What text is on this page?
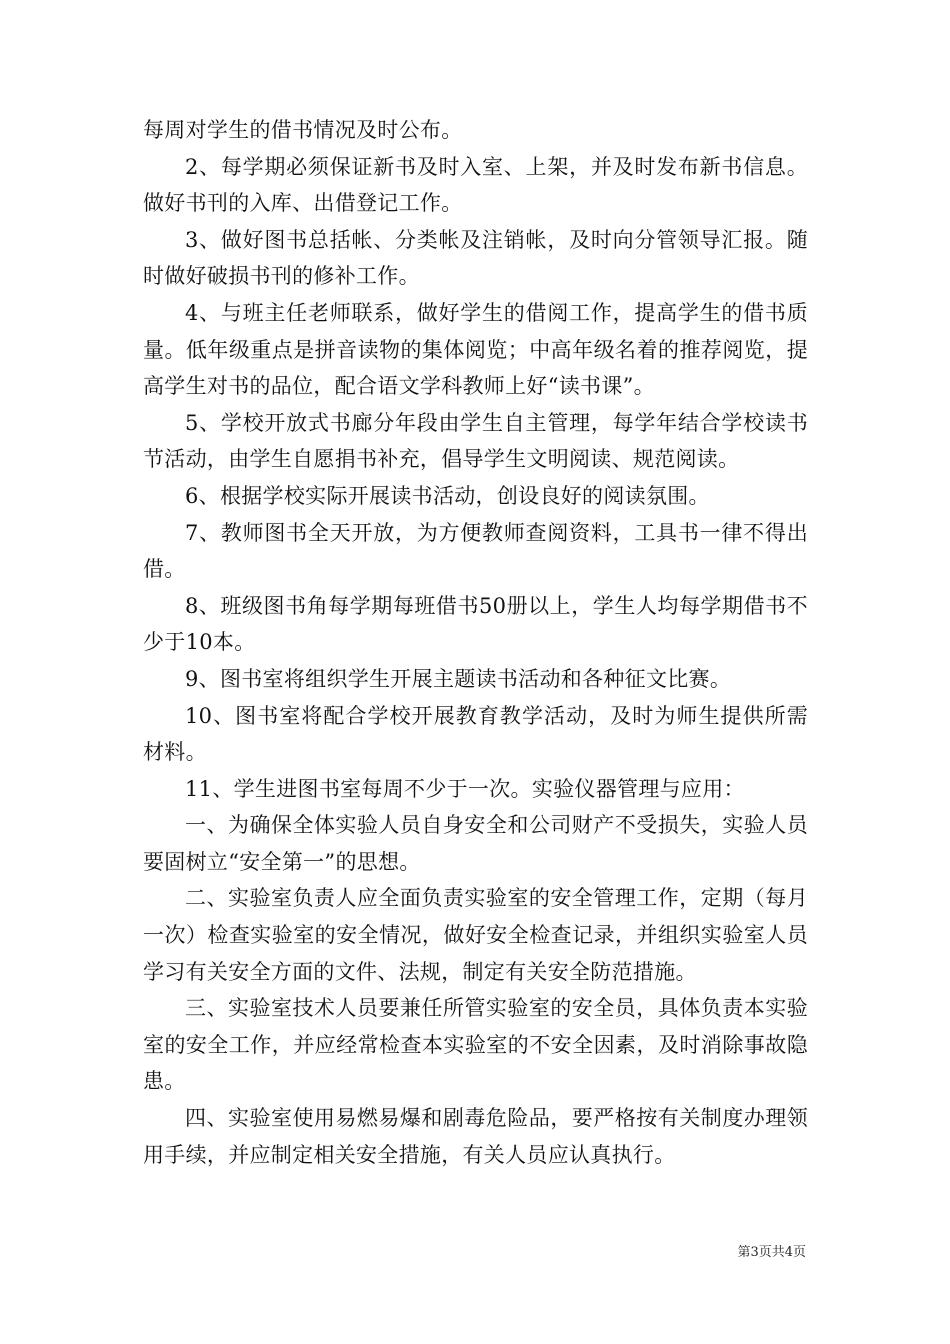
每周对学生的借书情况及时公布。

2、每学期必须保证新书及时入室、上架，并及时发布新书信息。做好书刊的入库、出借登记工作。

3、做好图书总括帐、分类帐及注销帐，及时向分管领导汇报。随时做好破损书刊的修补工作。

4、与班主任老师联系，做好学生的借阅工作，提高学生的借书质量。低年级重点是拼音读物的集体阅览；中高年级名着的推荐阅览，提高学生对书的品位，配合语文学科教师上好“读书课”。

5、学校开放式书廊分年段由学生自主管理，每学年结合学校读书节活动，由学生自愿捐书补充，倡导学生文明阅读、规范阅读。

6、根据学校实际开展读书活动，创设良好的阅读氛围。

7、教师图书全天开放，为方便教师查阅资料，工具书一律不得出借。

8、班级图书角每学期每班借书50册以上，学生人均每学期借书不少于10本。

9、图书室将组织学生开展主题读书活动和各种征文比赛。

10、图书室将配合学校开展教育教学活动，及时为师生提供所需材料。

11、学生进图书室每周不少于一次。实验仪器管理与应用：

一、为确保全体实验人员自身安全和公司财产不受损失，实验人员要固树立“安全第一”的思想。

二、实验室负责人应全面负责实验室的安全管理工作，定期（每月一次）检查实验室的安全情况，做好安全检查记录，并组织实验室人员学习有关安全方面的文件、法规，制定有关安全防范措施。

三、实验室技术人员要兼任所管实验室的安全员，具体负责本实验室的安全工作，并应经常检查本实验室的不安全因素，及时消除事故隐患。

四、实验室使用易燃易爆和剧毒危险品，要严格按有关制度办理领用手续，并应制定相关安全措施，有关人员应认真执行。

第3页共4页
